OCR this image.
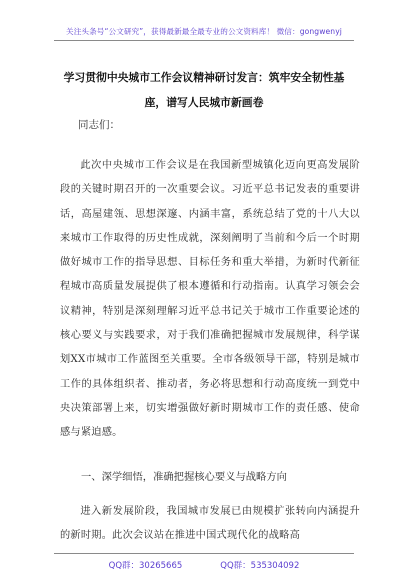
关注头条号“公文研究”，获得最新最全最专业的公文资料库！ 微信：gongwenyj
学习贯彻中央城市工作会议精神研讨发言：筑牢安全韧性基座，谱写人民城市新画卷
同志们：

此次中央城市工作会议是在我国新型城镇化迈向更高发展阶段的关键时期召开的一次重要会议。习近平总书记发表的重要讲话，高屋建瓴、思想深邃、内涵丰富，系统总结了党的十八大以来城市工作取得的历史性成就，深刻阐明了当前和今后一个时期做好城市工作的指导思想、目标任务和重大举措，为新时代新征程城市高质量发展提供了根本遵循和行动指南。认真学习领会会议精神，特别是深刻理解习近平总书记关于城市工作重要论述的核心要义与实践要求，对于我们准确把握城市发展规律，科学谋划XX市城市工作蓝图至关重要。全市各级领导干部，特别是城市工作的具体组织者、推动者，务必将思想和行动高度统一到党中央决策部署上来，切实增强做好新时期城市工作的责任感、使命感与紧迫感。

一、深学细悟，准确把握核心要义与战略方向

进入新发展阶段，我国城市发展已由规模扩张转向内涵提升的新时期。此次会议站在推进中国式现代化的战略高

QQ群：30265665	QQ群：535304092
